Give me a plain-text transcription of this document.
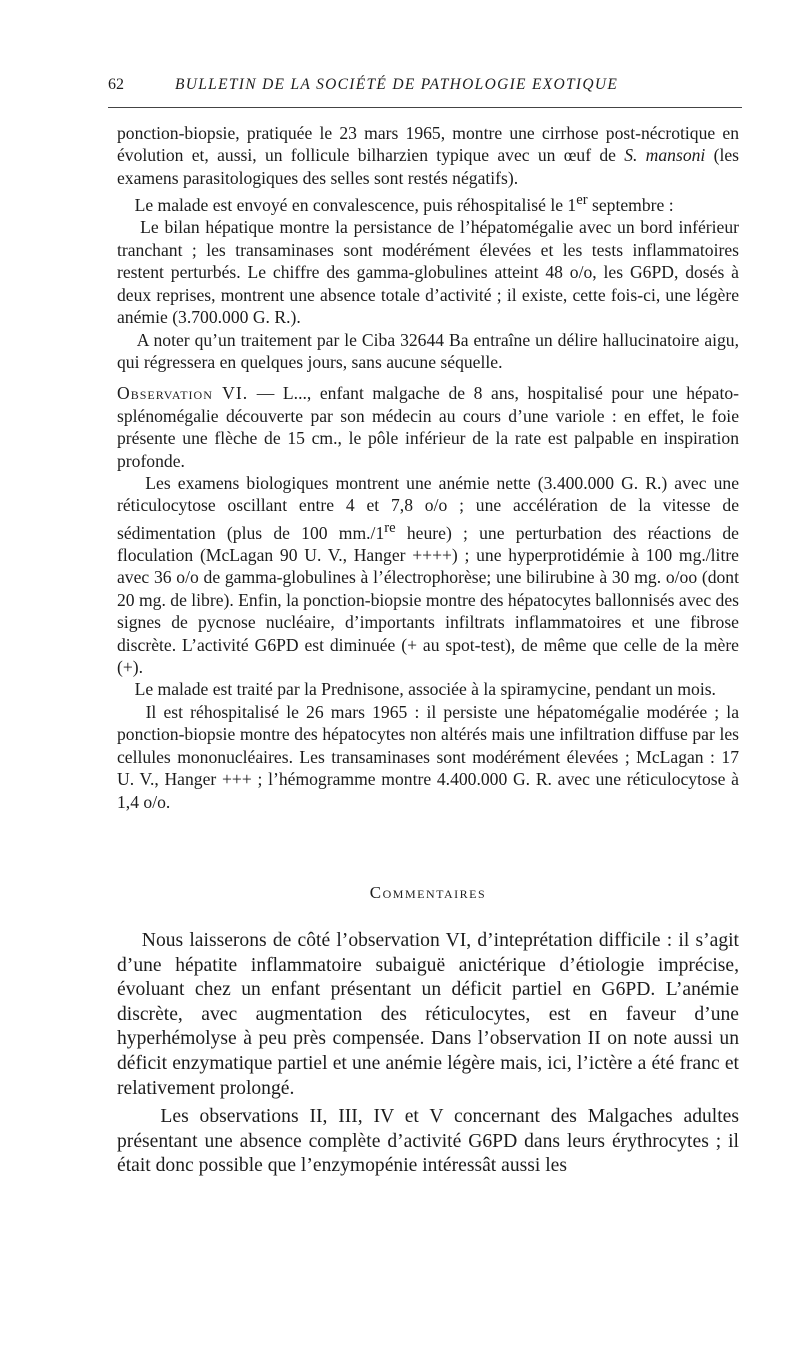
62	BULLETIN DE LA SOCIÉTÉ DE PATHOLOGIE EXOTIQUE

ponction-biopsie, pratiquée le 23 mars 1965, montre une cirrhose post-nécrotique en évolution et, aussi, un follicule bilharzien typique avec un œuf de S. mansoni (les examens parasitologiques des selles sont restés négatifs).

Le malade est envoyé en convalescence, puis réhospitalisé le 1er septembre :

Le bilan hépatique montre la persistance de l’hépatomégalie avec un bord inférieur tranchant ; les transaminases sont modérément élevées et les tests inflammatoires restent perturbés. Le chiffre des gamma-globulines atteint 48 o/o, les G6PD, dosés à deux reprises, montrent une absence totale d’activité ; il existe, cette fois-ci, une légère anémie (3.700.000 G. R.).

A noter qu’un traitement par le Ciba 32644 Ba entraîne un délire hallucinatoire aigu, qui régressera en quelques jours, sans aucune séquelle.

Observation VI. — L..., enfant malgache de 8 ans, hospitalisé pour une hépato-splénomégalie découverte par son médecin au cours d’une variole : en effet, le foie présente une flèche de 15 cm., le pôle inférieur de la rate est palpable en inspiration profonde.

Les examens biologiques montrent une anémie nette (3.400.000 G. R.) avec une réticulocytose oscillant entre 4 et 7,8 o/o ; une accélération de la vitesse de sédimentation (plus de 100 mm./1re heure) ; une perturbation des réactions de floculation (McLagan 90 U. V., Hanger ++++) ; une hyperprotidémie à 100 mg./litre avec 36 o/o de gamma-globulines à l’électrophorèse; une bilirubine à 30 mg. o/oo (dont 20 mg. de libre). Enfin, la ponction-biopsie montre des hépatocytes ballonnisés avec des signes de pycnose nucléaire, d’importants infiltrats inflammatoires et une fibrose discrète. L’activité G6PD est diminuée (+ au spot-test), de même que celle de la mère (+).

Le malade est traité par la Prednisone, associée à la spiramycine, pendant un mois.

Il est réhospitalisé le 26 mars 1965 : il persiste une hépatomégalie modérée ; la ponction-biopsie montre des hépatocytes non altérés mais une infiltration diffuse par les cellules mononucléaires. Les transaminases sont modérément élevées ; McLagan : 17 U. V., Hanger +++ ; l’hémogramme montre 4.400.000 G. R. avec une réticulocytose à 1,4 o/o.

Commentaires

Nous laisserons de côté l’observation VI, d’inteprétation difficile : il s’agit d’une hépatite inflammatoire subaiguë anictérique d’étiologie imprécise, évoluant chez un enfant présentant un déficit partiel en G6PD. L’anémie discrète, avec augmentation des réticulocytes, est en faveur d’une hyperhémolyse à peu près compensée. Dans l’observation II on note aussi un déficit enzymatique partiel et une anémie légère mais, ici, l’ictère a été franc et relativement prolongé.

Les observations II, III, IV et V concernant des Malgaches adultes présentant une absence complète d’activité G6PD dans leurs érythrocytes ; il était donc possible que l’enzymopénie intéressât aussi les
